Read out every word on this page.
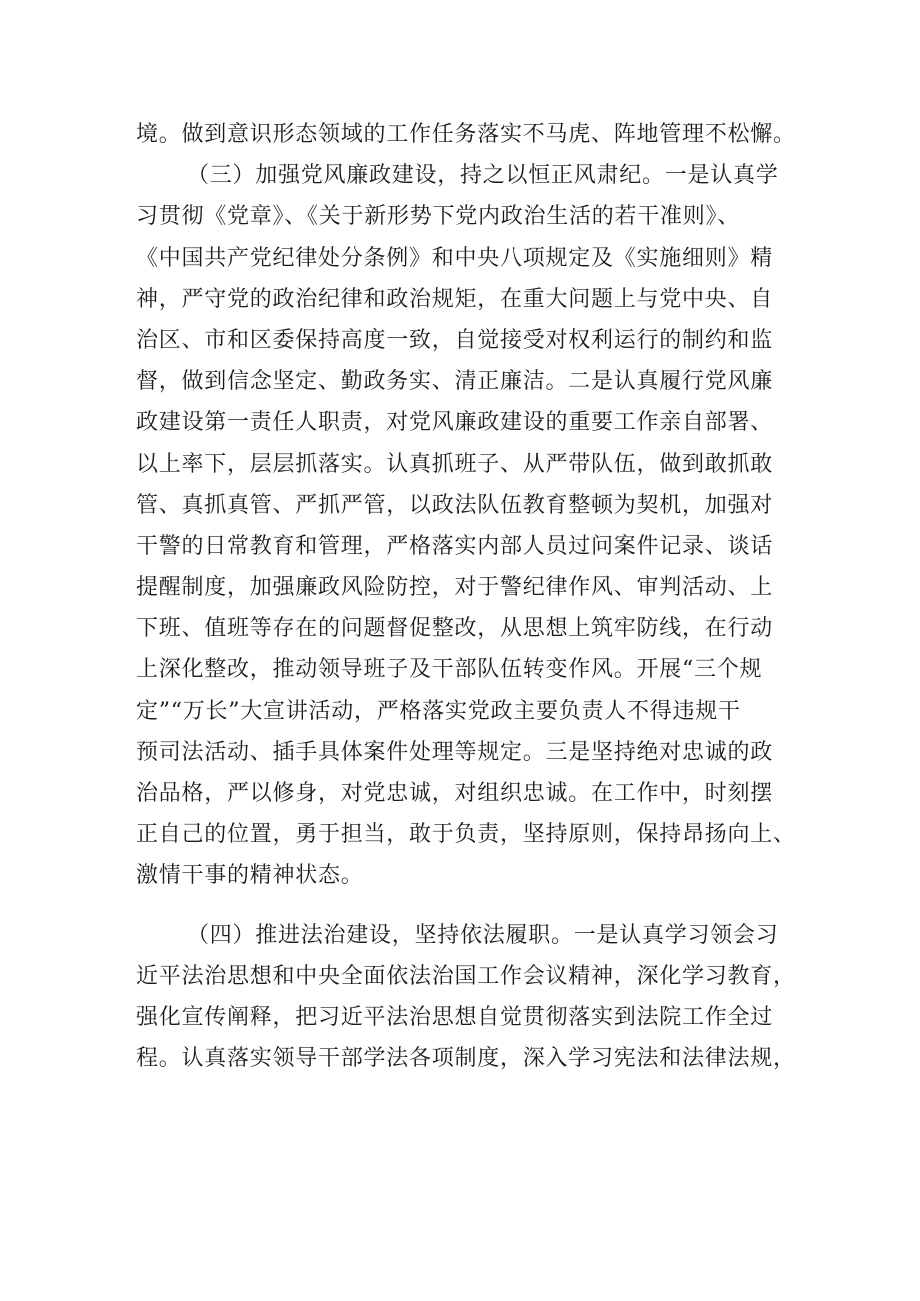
境。做到意识形态领域的工作任务落实不马虎、阵地管理不松懈。
（三）加强党风廉政建设，持之以恒正风肃纪。一是认真学
习贯彻《党章》、《关于新形势下党内政治生活的若干准则》、
《中国共产党纪律处分条例》和中央八项规定及《实施细则》精
神，严守党的政治纪律和政治规矩，在重大问题上与党中央、自
治区、市和区委保持高度一致，自觉接受对权利运行的制约和监
督，做到信念坚定、勤政务实、清正廉洁。二是认真履行党风廉
政建设第一责任人职责，对党风廉政建设的重要工作亲自部署、
以上率下，层层抓落实。认真抓班子、从严带队伍，做到敢抓敢
管、真抓真管、严抓严管，以政法队伍教育整顿为契机，加强对
干警的日常教育和管理，严格落实内部人员过问案件记录、谈话
提醒制度，加强廉政风险防控，对于警纪律作风、审判活动、上
下班、值班等存在的问题督促整改，从思想上筑牢防线，在行动
上深化整改，推动领导班子及干部队伍转变作风。开展“三个规
定”“万长”大宣讲活动，严格落实党政主要负责人不得违规干
预司法活动、插手具体案件处理等规定。三是坚持绝对忠诚的政
治品格，严以修身，对党忠诚，对组织忠诚。在工作中，时刻摆
正自己的位置，勇于担当，敢于负责，坚持原则，保持昂扬向上、
激情干事的精神状态。
（四）推进法治建设，坚持依法履职。一是认真学习领会习
近平法治思想和中央全面依法治国工作会议精神，深化学习教育，
强化宣传阐释，把习近平法治思想自觉贯彻落实到法院工作全过
程。认真落实领导干部学法各项制度，深入学习宪法和法律法规，
